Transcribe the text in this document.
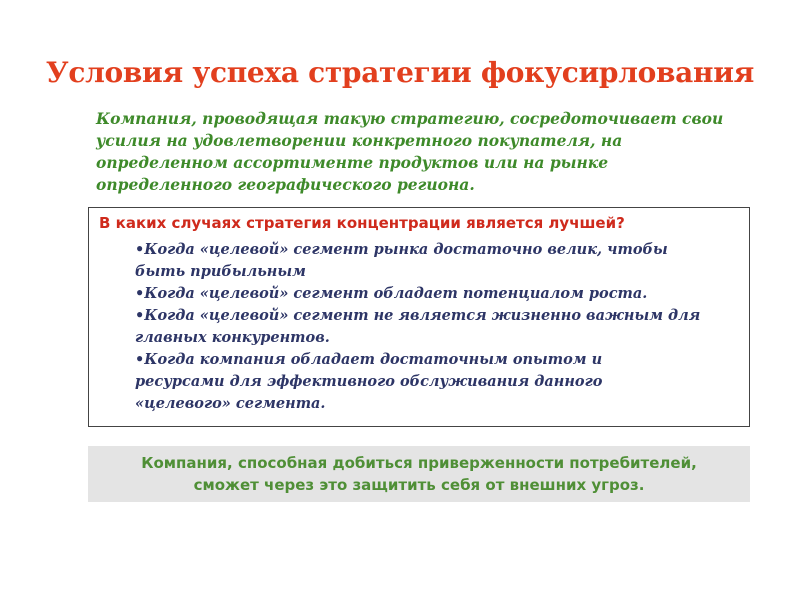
Условия успеха стратегии фокусирлования
Компания, проводящая такую стратегию, сосредоточивает свои
усилия на удовлетворении конкретного покупателя, на
определенном ассортименте продуктов или на рынке
определенного географического региона.
В каких случаях стратегия концентрации является лучшей?
•Когда «целевой» сегмент рынка достаточно велик, чтобы
быть прибыльным
•Когда «целевой» сегмент обладает потенциалом роста.
•Когда «целевой» сегмент не является жизненно важным для
главных конкурентов.
•Когда компания обладает достаточным опытом и
ресурсами для эффективного обслуживания данного
«целевого» сегмента.
Компания, способная добиться приверженности потребителей,
сможет через это защитить себя от внешних угроз.
